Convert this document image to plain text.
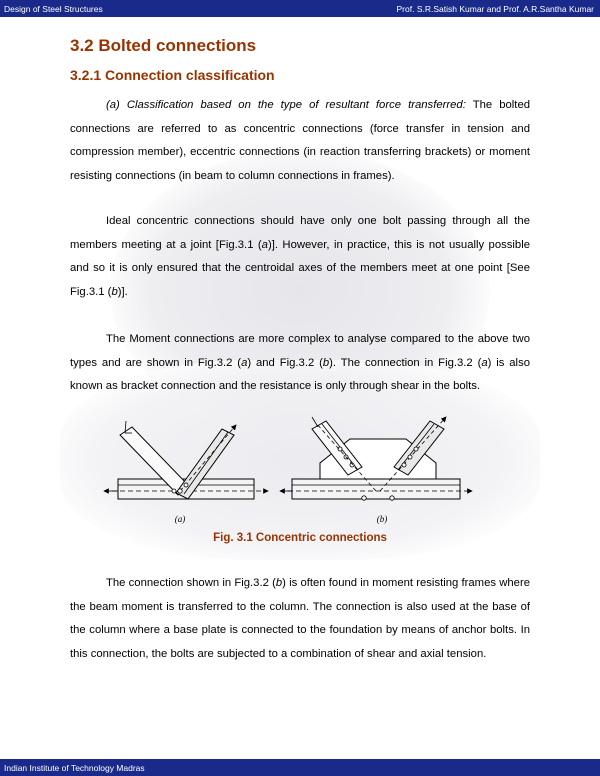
Design of Steel Structures	Prof. S.R.Satish Kumar and Prof. A.R.Santha Kumar
3.2 Bolted connections
3.2.1 Connection classification

(a) Classification based on the type of resultant force transferred: The bolted connections are referred to as concentric connections (force transfer in tension and compression member), eccentric connections (in reaction transferring brackets) or moment resisting connections (in beam to column connections in frames).

Ideal concentric connections should have only one bolt passing through all the members meeting at a joint [Fig.3.1 (a)]. However, in practice, this is not usually possible and so it is only ensured that the centroidal axes of the members meet at one point [See Fig.3.1 (b)].

The Moment connections are more complex to analyse compared to the above two types and are shown in Fig.3.2 (a) and Fig.3.2 (b). The connection in Fig.3.2 (a) is also known as bracket connection and the resistance is only through shear in the bolts.

(a)	(b)
Fig. 3.1 Concentric connections

The connection shown in Fig.3.2 (b) is often found in moment resisting frames where the beam moment is transferred to the column. The connection is also used at the base of the column where a base plate is connected to the foundation by means of anchor bolts. In this connection, the bolts are subjected to a combination of shear and axial tension.

Indian Institute of Technology Madras
